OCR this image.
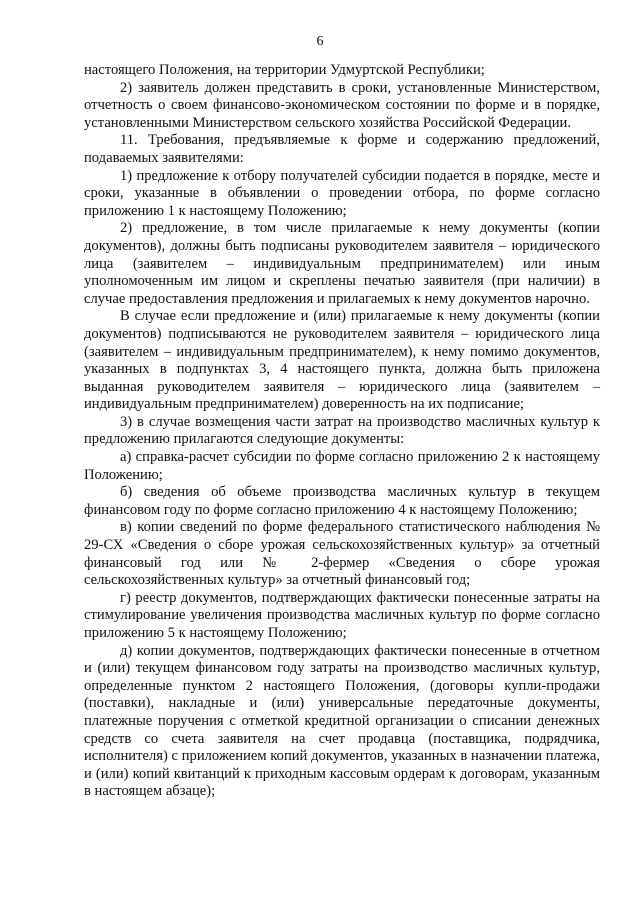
6

настоящего Положения, на территории Удмуртской Республики;

2) заявитель должен представить в сроки, установленные Министерством, отчетность о своем финансово-экономическом состоянии по форме и в порядке, установленными Министерством сельского хозяйства Российской Федерации.

11. Требования, предъявляемые к форме и содержанию предложений, подаваемых заявителями:

1) предложение к отбору получателей субсидии подается в порядке, месте и сроки, указанные в объявлении о проведении отбора, по форме согласно приложению 1 к настоящему Положению;

2) предложение, в том числе прилагаемые к нему документы (копии документов), должны быть подписаны руководителем заявителя – юридического лица (заявителем – индивидуальным предпринимателем) или иным уполномоченным им лицом и скреплены печатью заявителя (при наличии) в случае предоставления предложения и прилагаемых к нему документов нарочно.

В случае если предложение и (или) прилагаемые к нему документы (копии документов) подписываются не руководителем заявителя – юридического лица (заявителем – индивидуальным предпринимателем), к нему помимо документов, указанных в подпунктах 3, 4 настоящего пункта, должна быть приложена выданная руководителем заявителя – юридического лица (заявителем – индивидуальным предпринимателем) доверенность на их подписание;

3) в случае возмещения части затрат на производство масличных культур к предложению прилагаются следующие документы:

а) справка-расчет субсидии по форме согласно приложению 2 к настоящему Положению;

б) сведения об объеме производства масличных культур в текущем финансовом году по форме согласно приложению 4 к настоящему Положению;

в) копии сведений по форме федерального статистического наблюдения № 29-СХ «Сведения о сборе урожая сельскохозяйственных культур» за отчетный финансовый год или № 2-фермер «Сведения о сборе урожая сельскохозяйственных культур» за отчетный финансовый год;

г) реестр документов, подтверждающих фактически понесенные затраты на стимулирование увеличения производства масличных культур по форме согласно приложению 5 к настоящему Положению;

д) копии документов, подтверждающих фактически понесенные в отчетном и (или) текущем финансовом году затраты на производство масличных культур, определенные пунктом 2 настоящего Положения, (договоры купли-продажи (поставки), накладные и (или) универсальные передаточные документы, платежные поручения с отметкой кредитной организации о списании денежных средств со счета заявителя на счет продавца (поставщика, подрядчика, исполнителя) с приложением копий документов, указанных в назначении платежа, и (или) копий квитанций к приходным кассовым ордерам к договорам, указанным в настоящем абзаце);
